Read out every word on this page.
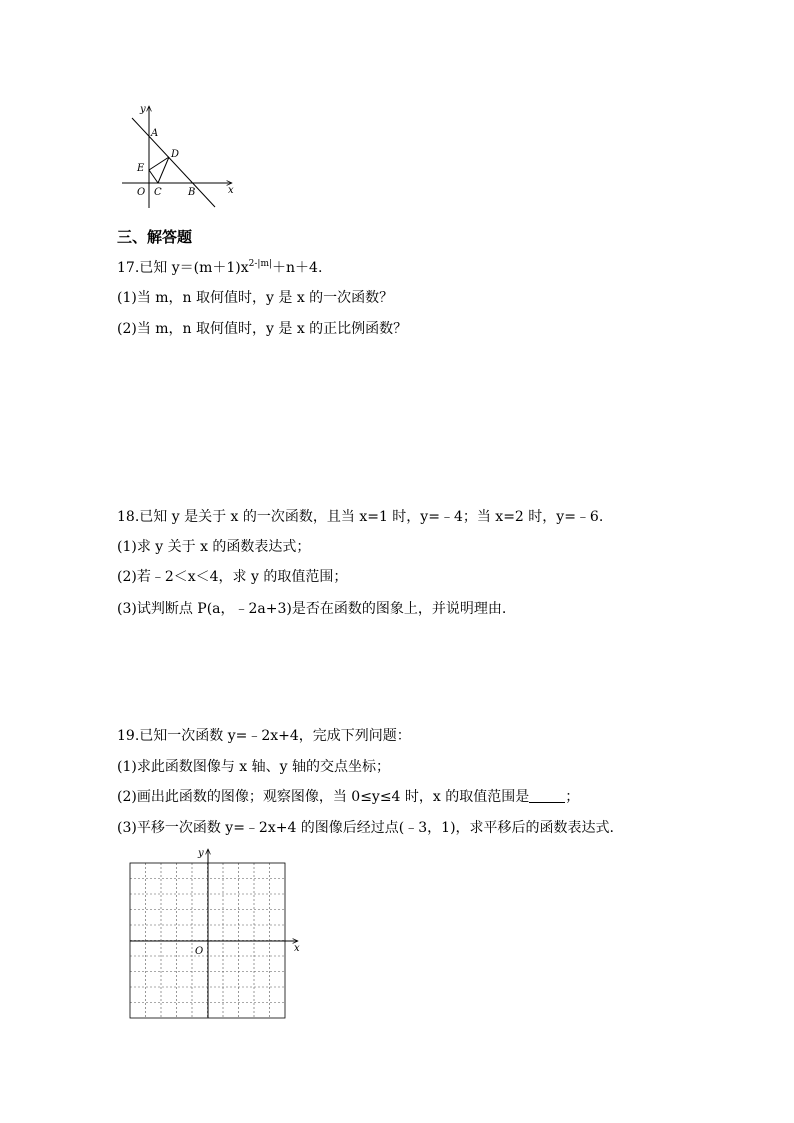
y
A
D
E
O C	B	x
三、解答题
17.已知 $y=(m+1)x^{2-|m|}+n+4$.
(1)当 m，n 取何值时，y 是 x 的一次函数？
(2)当 m，n 取何值时，y 是 x 的正比例函数？
18.已知 y 是关于 x 的一次函数，且当 x=1 时，y=﹣4；当 x=2 时，y=﹣6.
(1)求 y 关于 x 的函数表达式；
(2)若﹣2＜x＜4，求 y 的取值范围；
(3)试判断点 P(a，﹣2a+3)是否在函数的图象上，并说明理由.
19.已知一次函数 y=﹣2x+4，完成下列问题：
(1)求此函数图像与 x 轴、y 轴的交点坐标；
(2)画出此函数的图像；观察图像，当 0≤y≤4 时，x 的取值范围是	；
(3)平移一次函数 y=﹣2x+4 的图像后经过点(﹣3，1)，求平移后的函数表达式.
y
O	x
